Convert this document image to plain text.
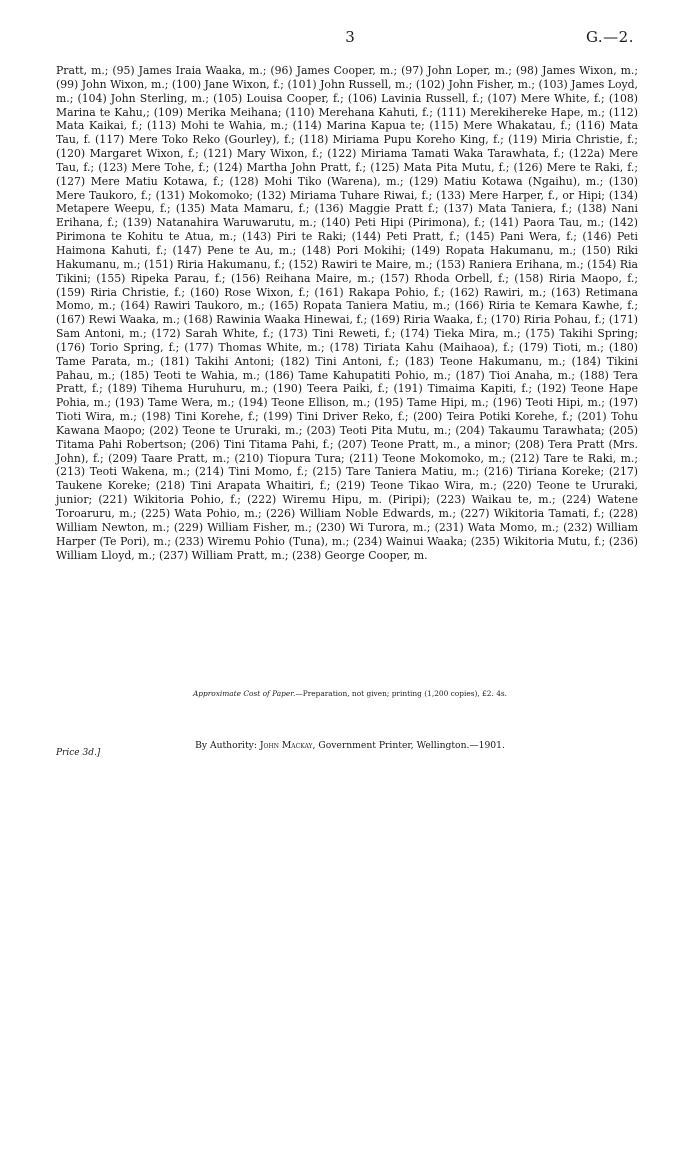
3	G.—2.
Pratt, m.; (95) James Iraia Waaka, m.; (96) James Cooper, m.; (97) John Loper, m.; (98) James Wixon, m.; (99) John Wixon, m.; (100) Jane Wixon, f.; (101) John Russell, m.; (102) John Fisher, m.; (103) James Loyd, m.; (104) John Sterling, m.; (105) Louisa Cooper, f.; (106) Lavinia Russell, f.; (107) Mere White, f.; (108) Marina te Kahu,; (109) Merika Meihana; (110) Merehana Kahuti, f.; (111) Merekihereke Hape, m.; (112) Mata Kaikai, f.; (113) Mohi te Wahia, m.; (114) Marina Kapua te; (115) Mere Whakatau, f.; (116) Mata Tau, f. (117) Mere Toko Reko (Gourley), f.; (118) Miriama Pupu Koreho King, f.; (119) Miria Christie, f.; (120) Margaret Wixon, f.; (121) Mary Wixon, f.; (122) Miriama Tamati Waka Tarawhata, f.; (122a) Mere Tau, f.; (123) Mere Tohe, f.; (124) Martha John Pratt, f.; (125) Mata Pita Mutu, f.; (126) Mere te Raki, f.; (127) Mere Matiu Kotawa, f.; (128) Mohi Tiko (Warena), m.; (129) Matiu Kotawa (Ngaihu), m.; (130) Mere Taukoro, f.; (131) Mokomoko; (132) Miriama Tuhare Riwai, f.; (133) Mere Harper, f., or Hipi; (134) Metapere Weepu, f.; (135) Mata Mamaru, f.; (136) Maggie Pratt f.; (137) Mata Taniera, f.; (138) Nani Erihana, f.; (139) Natanahira Waruwarutu, m.; (140) Peti Hipi (Pirimona), f.; (141) Paora Tau, m.; (142) Pirimona te Kohitu te Atua, m.; (143) Piri te Raki; (144) Peti Pratt, f.; (145) Pani Wera, f.; (146) Peti Haimona Kahuti, f.; (147) Pene te Au, m.; (148) Pori Mokihi; (149) Ropata Hakumanu, m.; (150) Riki Hakumanu, m.; (151) Riria Hakumanu, f.; (152) Rawiri te Maire, m.; (153) Raniera Erihana, m.; (154) Ria Tikini; (155) Ripeka Parau, f.; (156) Reihana Maire, m.; (157) Rhoda Orbell, f.; (158) Riria Maopo, f.; (159) Riria Christie, f.; (160) Rose Wixon, f.; (161) Rakapa Pohio, f.; (162) Rawiri, m.; (163) Retimana Momo, m.; (164) Rawiri Taukoro, m.; (165) Ropata Taniera Matiu, m.; (166) Riria te Kemara Kawhe, f.; (167) Rewi Waaka, m.; (168) Rawinia Waaka Hinewai, f.; (169) Riria Waaka, f.; (170) Riria Pohau, f.; (171) Sam Antoni, m.; (172) Sarah White, f.; (173) Tini Reweti, f.; (174) Tieka Mira, m.; (175) Takihi Spring; (176) Torio Spring, f.; (177) Thomas White, m.; (178) Tiriata Kahu (Maihaoa), f.; (179) Tioti, m.; (180) Tame Parata, m.; (181) Takihi Antoni; (182) Tini Antoni, f.; (183) Teone Hakumanu, m.; (184) Tikini Pahau, m.; (185) Teoti te Wahia, m.; (186) Tame Kahupatiti Pohio, m.; (187) Tioi Anaha, m.; (188) Tera Pratt, f.; (189) Tihema Huruhuru, m.; (190) Teera Paiki, f.; (191) Timaima Kapiti, f.; (192) Teone Hape Pohia, m.; (193) Tame Wera, m.; (194) Teone Ellison, m.; (195) Tame Hipi, m.; (196) Teoti Hipi, m.; (197) Tioti Wira, m.; (198) Tini Korehe, f.; (199) Tini Driver Reko, f.; (200) Teira Potiki Korehe, f.; (201) Tohu Kawana Maopo; (202) Teone te Ururaki, m.; (203) Teoti Pita Mutu, m.; (204) Takaumu Tarawhata; (205) Titama Pahi Robertson; (206) Tini Titama Pahi, f.; (207) Teone Pratt, m., a minor; (208) Tera Pratt (Mrs. John), f.; (209) Taare Pratt, m.; (210) Tiopura Tura; (211) Teone Mokomoko, m.; (212) Tare te Raki, m.; (213) Teoti Wakena, m.; (214) Tini Momo, f.; (215) Tare Taniera Matiu, m.; (216) Tiriana Koreke; (217) Taukene Koreke; (218) Tini Arapata Whaitiri, f.; (219) Teone Tikao Wira, m.; (220) Teone te Ururaki, junior; (221) Wikitoria Pohio, f.; (222) Wiremu Hipu, m. (Piripi); (223) Waikau te, m.; (224) Watene Toroaruru, m.; (225) Wata Pohio, m.; (226) William Noble Edwards, m.; (227) Wikitoria Tamati, f.; (228) William Newton, m.; (229) William Fisher, m.; (230) Wi Turora, m.; (231) Wata Momo, m.; (232) William Harper (Te Pori), m.; (233) Wiremu Pohio (Tuna), m.; (234) Wainui Waaka; (235) Wikitoria Mutu, f.; (236) William Lloyd, m.; (237) William Pratt, m.; (238) George Cooper, m.
Approximate Cost of Paper.—Preparation, not given; printing (1,200 copies), £2. 4s.
Price 3d.]
By Authority: John Mackay, Government Printer, Wellington.—1901.
